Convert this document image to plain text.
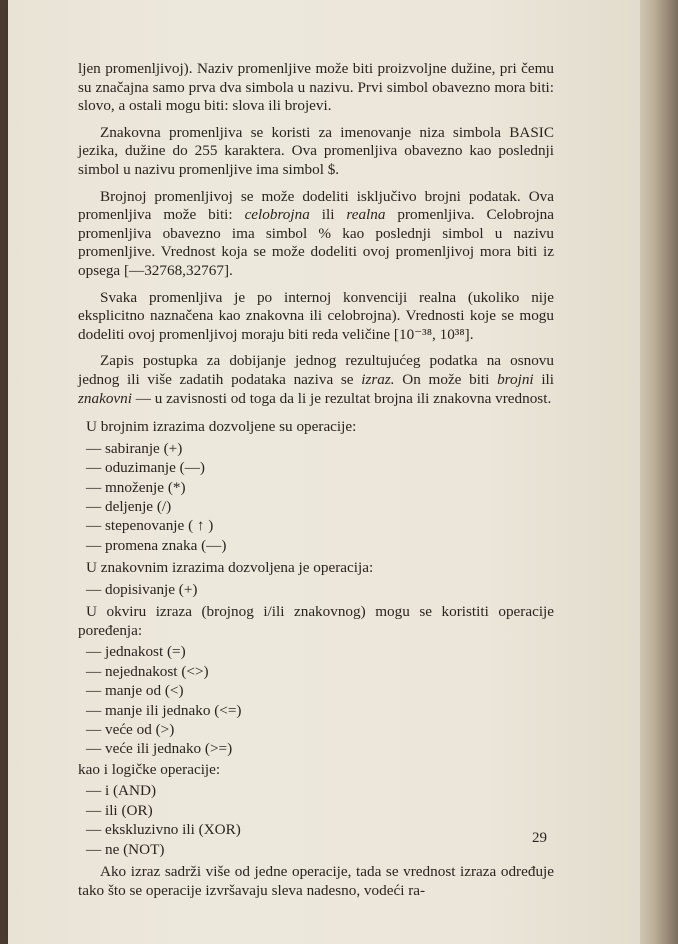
ljen promenljivoj). Naziv promenljive može biti proizvoljne dužine, pri čemu su značajna samo prva dva simbola u nazivu. Prvi simbol obavezno mora biti: slovo, a ostali mogu biti: slova ili brojevi.

Znakovna promenljiva se koristi za imenovanje niza simbola BASIC jezika, dužine do 255 karaktera. Ova promenljiva obavezno kao poslednji simbol u nazivu promenljive ima simbol $.

Brojnoj promenljivoj se može dodeliti isključivo brojni podatak. Ova promenljiva može biti: celobrojna ili realna promenljiva. Celobrojna promenljiva obavezno ima simbol % kao poslednji simbol u nazivu promenljive. Vrednost koja se može dodeliti ovoj promenljivoj mora biti iz opsega [—32768,32767].

Svaka promenljiva je po internoj konvenciji realna (ukoliko nije eksplicitno naznačena kao znakovna ili celobrojna). Vrednosti koje se mogu dodeliti ovoj promenljivoj moraju biti reda veličine [10⁻³⁸, 10³⁸].

Zapis postupka za dobijanje jednog rezultujućeg podatka na osnovu jednog ili više zadatih podataka naziva se izraz. On može biti brojni ili znakovni — u zavisnosti od toga da li je rezultat brojna ili znakovna vrednost.

U brojnim izrazima dozvoljene su operacije:

— sabiranje (+)
— oduzimanje (—)
— množenje (*)
— deljenje (/)
— stepenovanje ( ↑ )
— promena znaka (—)

U znakovnim izrazima dozvoljena je operacija:

— dopisivanje (+)

U okviru izraza (brojnog i/ili znakovnog) mogu se koristiti operacije poređenja:

— jednakost (=)
— nejednakost (<>)
— manje od (<)
— manje ili jednako (<=)
— veće od (>)
— veće ili jednako (>=)

kao i logičke operacije:

— i (AND)
— ili (OR)
— ekskluzivno ili (XOR)
— ne (NOT)

Ako izraz sadrži više od jedne operacije, tada se vrednost izraza određuje tako što se operacije izvršavaju sleva nadesno, vodeći ra-

29
